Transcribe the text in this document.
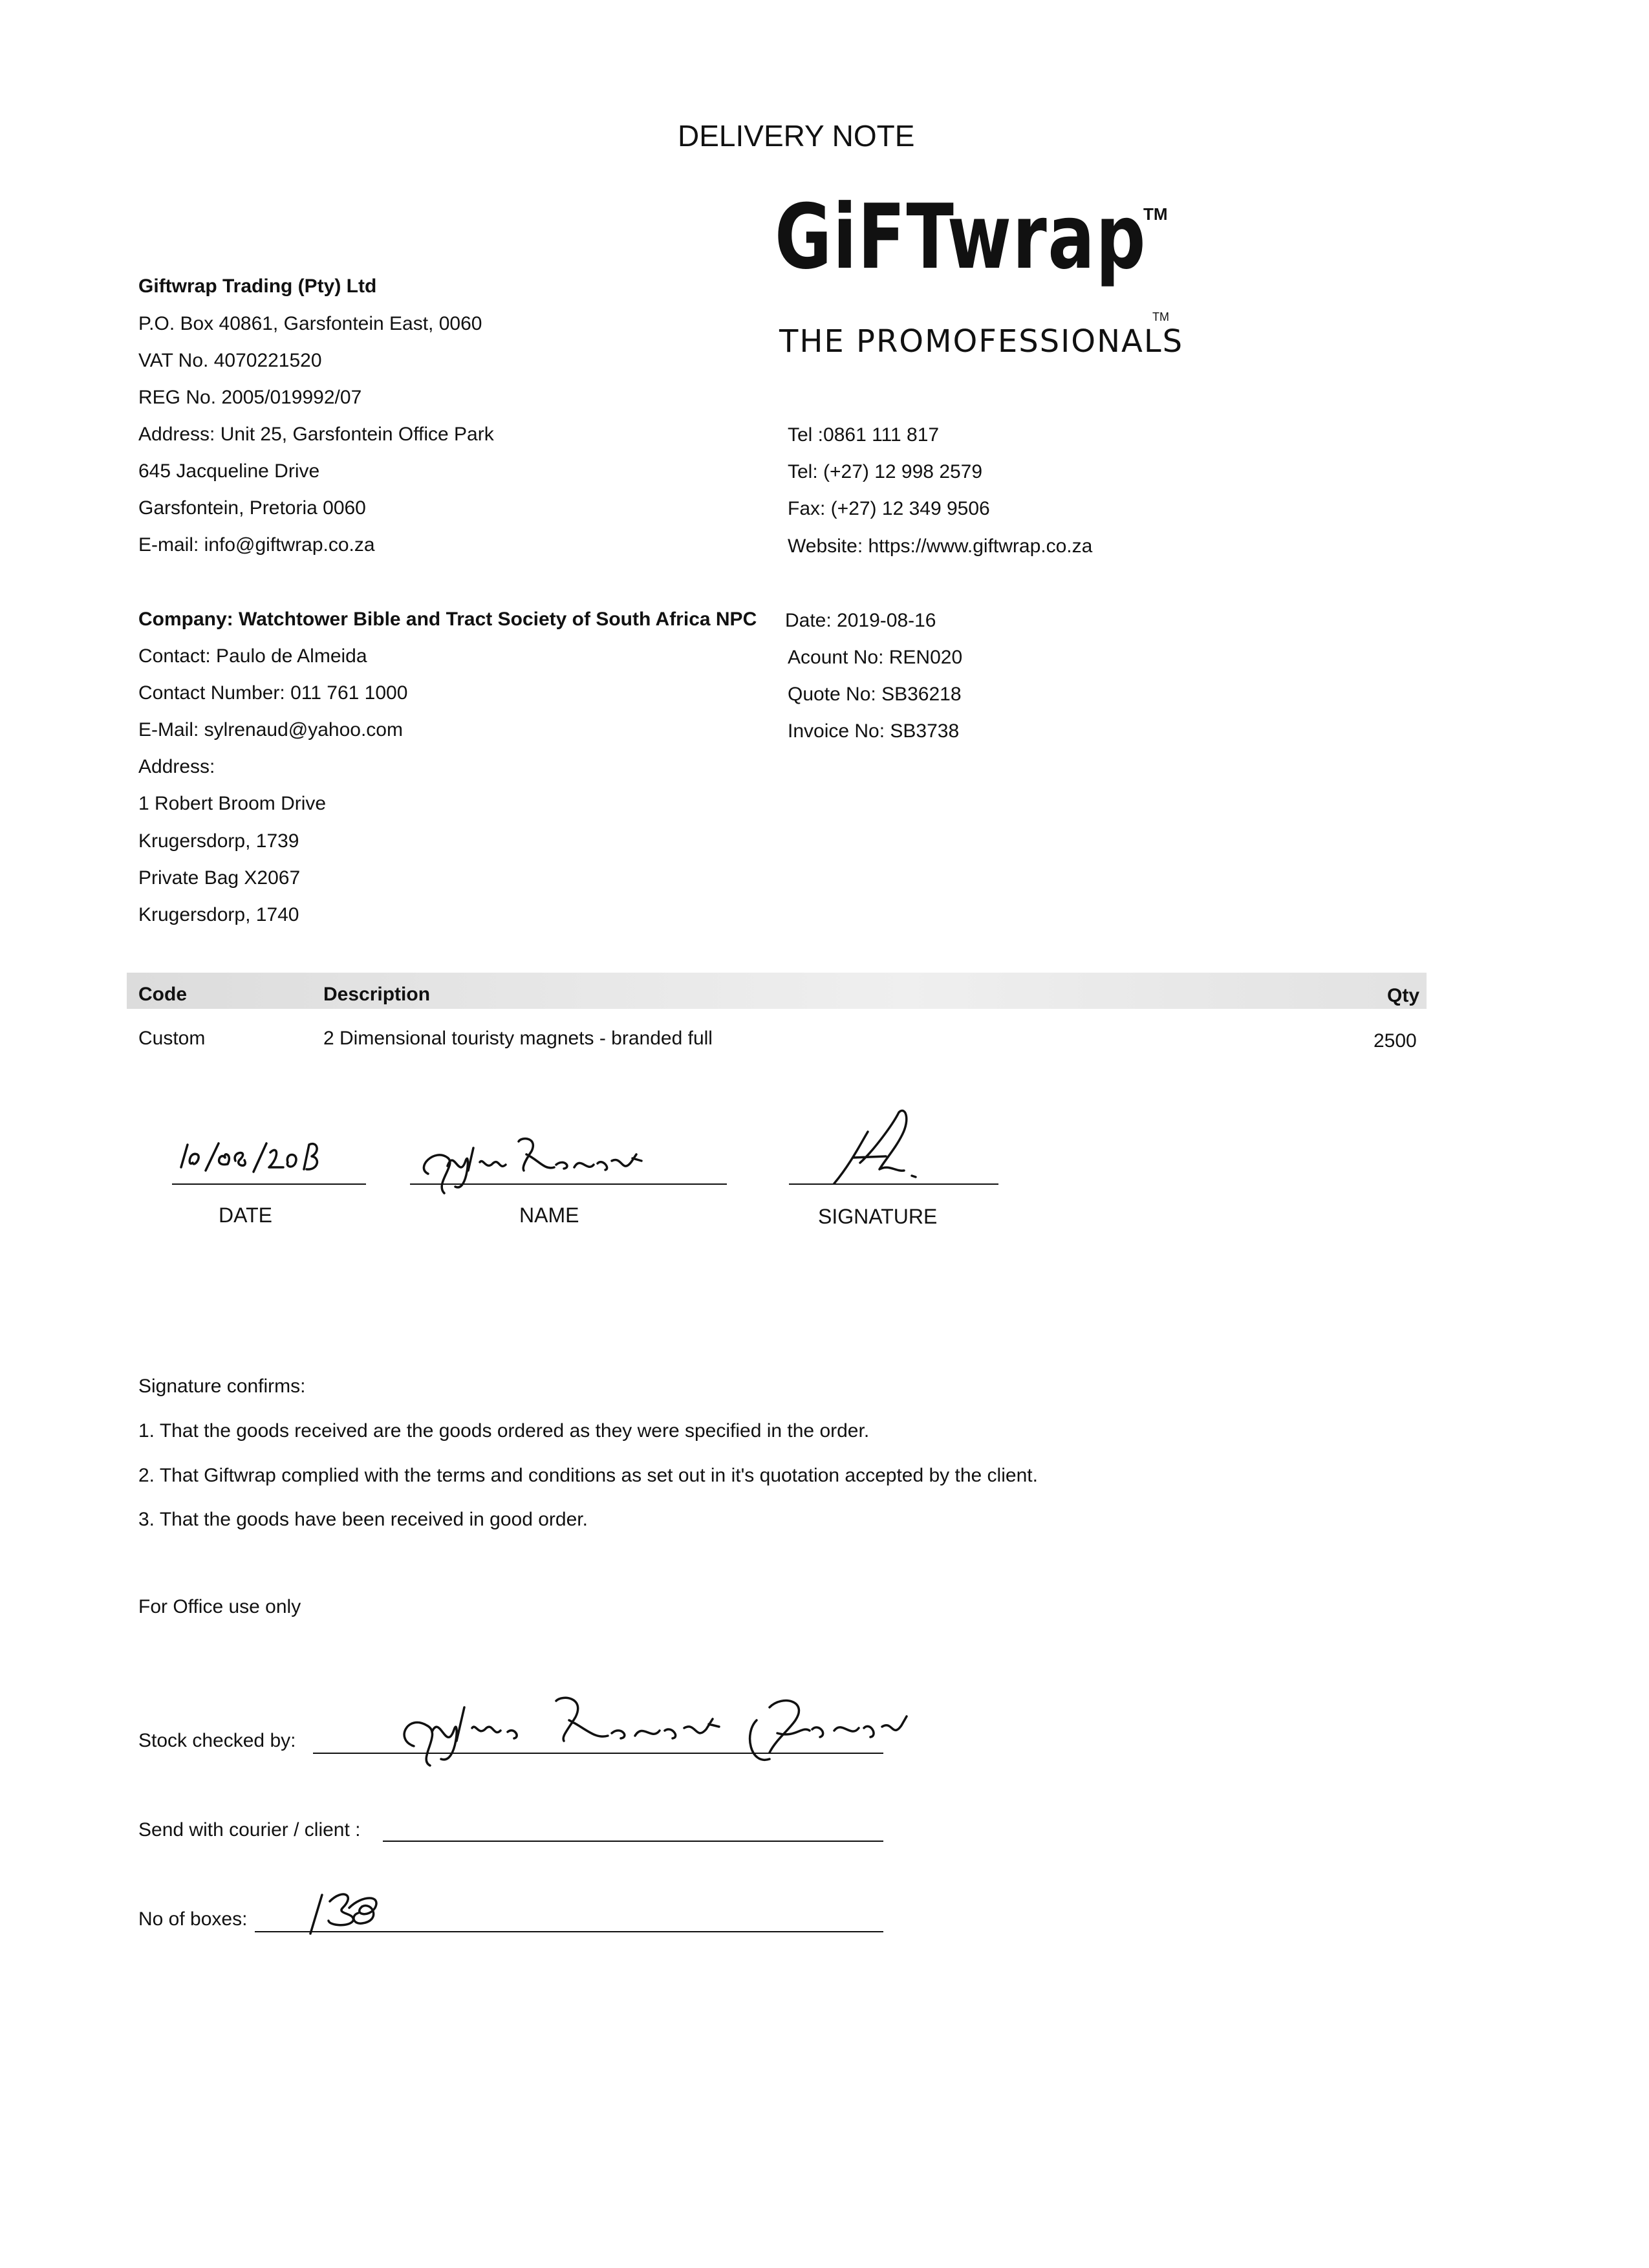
DELIVERY NOTE
GiFTwrap
TM
THE PROMOFESSIONALS
TM
Giftwrap Trading (Pty) Ltd
P.O. Box 40861, Garsfontein East, 0060
VAT No. 4070221520
REG No. 2005/019992/07
Address: Unit 25, Garsfontein Office Park
645 Jacqueline Drive
Garsfontein, Pretoria 0060
E-mail: info@giftwrap.co.za
Tel :0861 111 817
Tel: (+27) 12 998 2579
Fax: (+27) 12 349 9506
Website: https://www.giftwrap.co.za
Company: Watchtower Bible and Tract Society of South Africa NPC
Contact: Paulo de Almeida
Contact Number: 011 761 1000
E-Mail: sylrenaud@yahoo.com
Address:
1 Robert Broom Drive
Krugersdorp, 1739
Private Bag X2067
Krugersdorp, 1740
Date: 2019-08-16
Acount No: REN020
Quote No: SB36218
Invoice No: SB3738
Code	Description	Qty
Custom	2 Dimensional touristy magnets - branded full	2500
DATE	NAME	SIGNATURE
Signature confirms:
1. That the goods received are the goods ordered as they were specified in the order.
2. That Giftwrap complied with the terms and conditions as set out in it's quotation accepted by the client.
3. That the goods have been received in good order.
For Office use only
Stock checked by:
Send with courier / client :
No of boxes:
